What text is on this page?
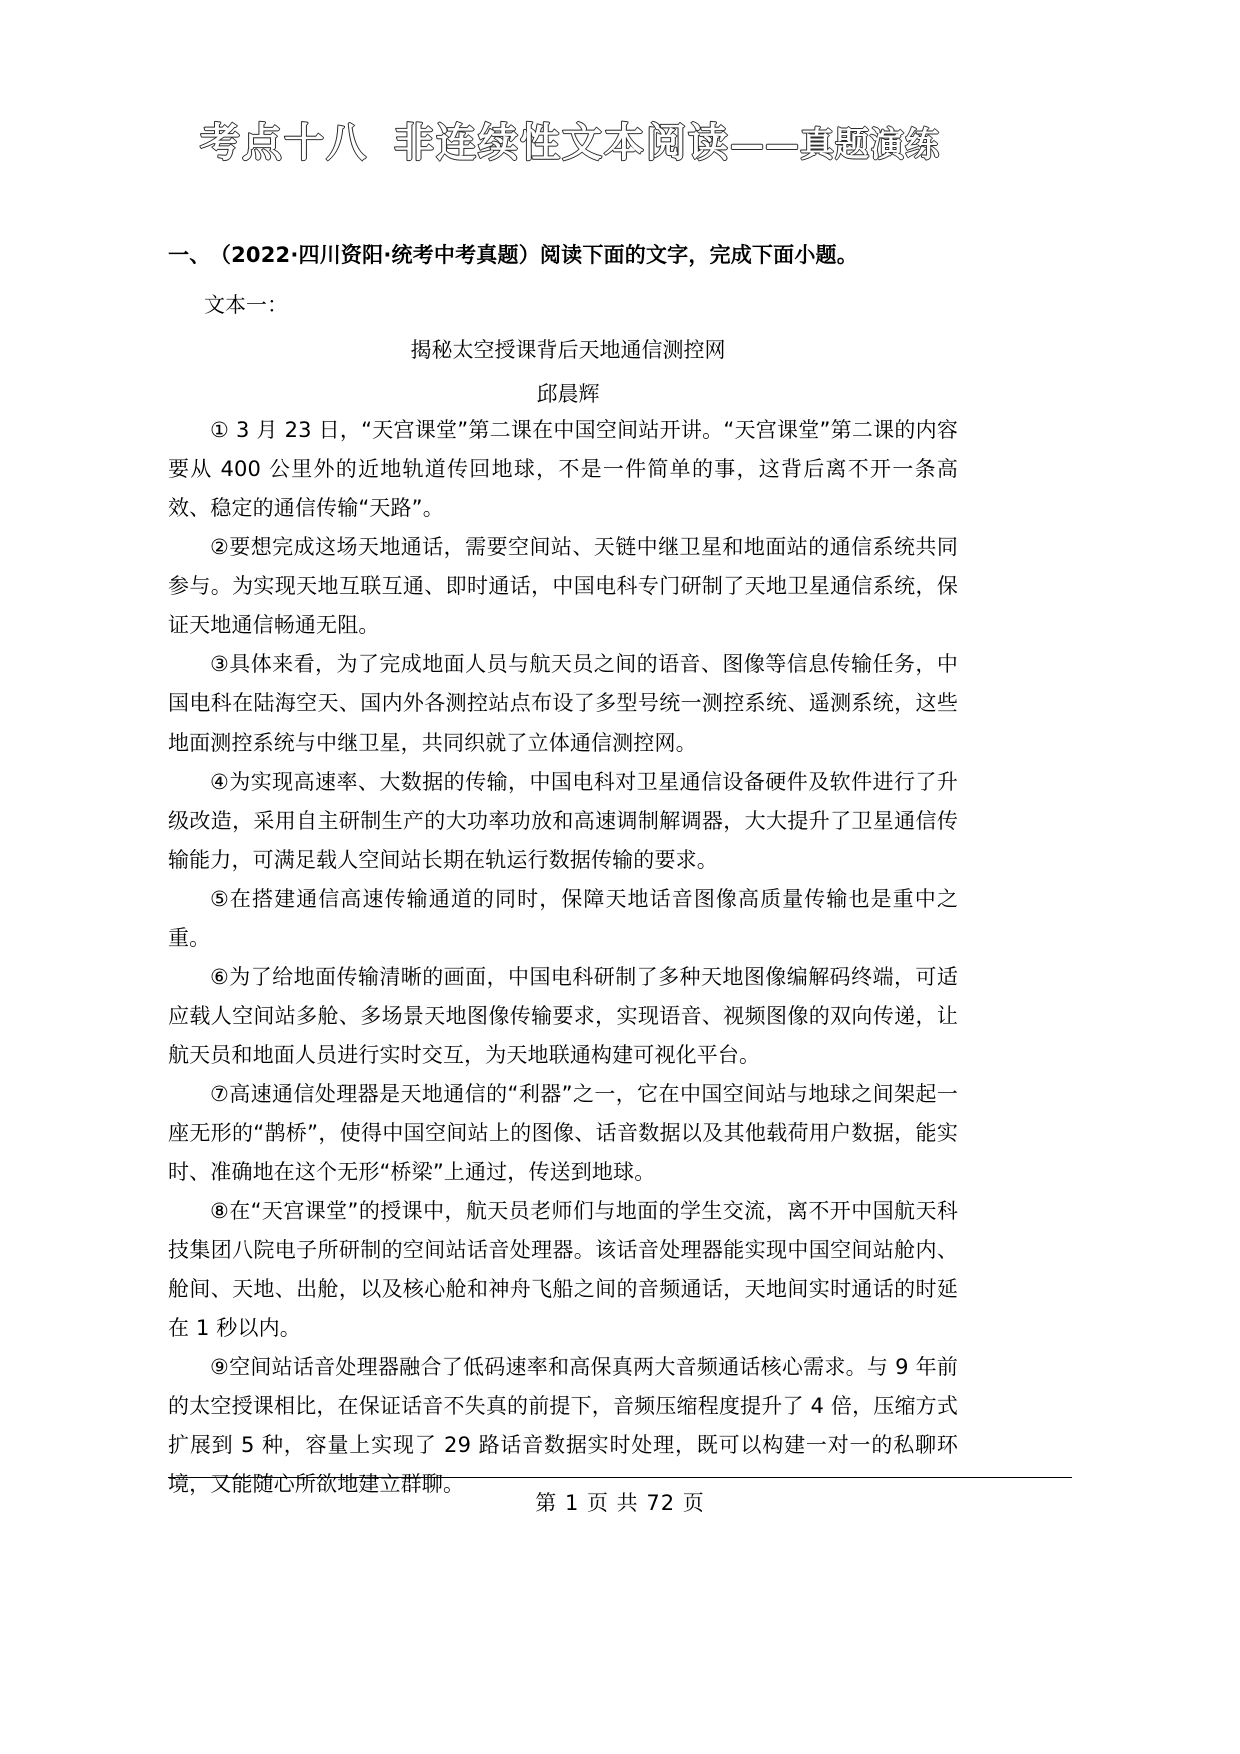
考点十八 非连续性文本阅读——真题演练
一、 （2022·四川资阳·统考中考真题）阅读下面的文字，完成下面小题。
文本一：
揭秘太空授课背后天地通信测控网
邱晨辉

① 3 月 23 日，“天宫课堂”第二课在中国空间站开讲。“天宫课堂”第二课的内容要从 400 公里外的近地轨道传回地球，不是一件简单的事，这背后离不开一条高效、稳定的通信传输“天路”。

②要想完成这场天地通话，需要空间站、天链中继卫星和地面站的通信系统共同参与。为实现天地互联互通、即时通话，中国电科专门研制了天地卫星通信系统，保证天地通信畅通无阻。

③具体来看，为了完成地面人员与航天员之间的语音、图像等信息传输任务，中国电科在陆海空天、国内外各测控站点布设了多型号统一测控系统、遥测系统，这些地面测控系统与中继卫星，共同织就了立体通信测控网。

④为实现高速率、大数据的传输，中国电科对卫星通信设备硬件及软件进行了升级改造，采用自主研制生产的大功率功放和高速调制解调器，大大提升了卫星通信传输能力，可满足载人空间站长期在轨运行数据传输的要求。

⑤在搭建通信高速传输通道的同时，保障天地话音图像高质量传输也是重中之重。

⑥为了给地面传输清晰的画面，中国电科研制了多种天地图像编解码终端，可适应载人空间站多舱、多场景天地图像传输要求，实现语音、视频图像的双向传递，让航天员和地面人员进行实时交互，为天地联通构建可视化平台。

⑦高速通信处理器是天地通信的“利器”之一，它在中国空间站与地球之间架起一座无形的“鹊桥”，使得中国空间站上的图像、话音数据以及其他载荷用户数据，能实时、准确地在这个无形“桥梁”上通过，传送到地球。

⑧在“天宫课堂”的授课中，航天员老师们与地面的学生交流，离不开中国航天科技集团八院电子所研制的空间站话音处理器。该话音处理器能实现中国空间站舱内、舱间、天地、出舱，以及核心舱和神舟飞船之间的音频通话，天地间实时通话的时延在 1 秒以内。

⑨空间站话音处理器融合了低码速率和高保真两大音频通话核心需求。与 9 年前的太空授课相比，在保证话音不失真的前提下，音频压缩程度提升了 4 倍，压缩方式扩展到 5 种，容量上实现了 29 路话音数据实时处理，既可以构建一对一的私聊环境，又能随心所欲地建立群聊。

第 1 页 共 72 页
